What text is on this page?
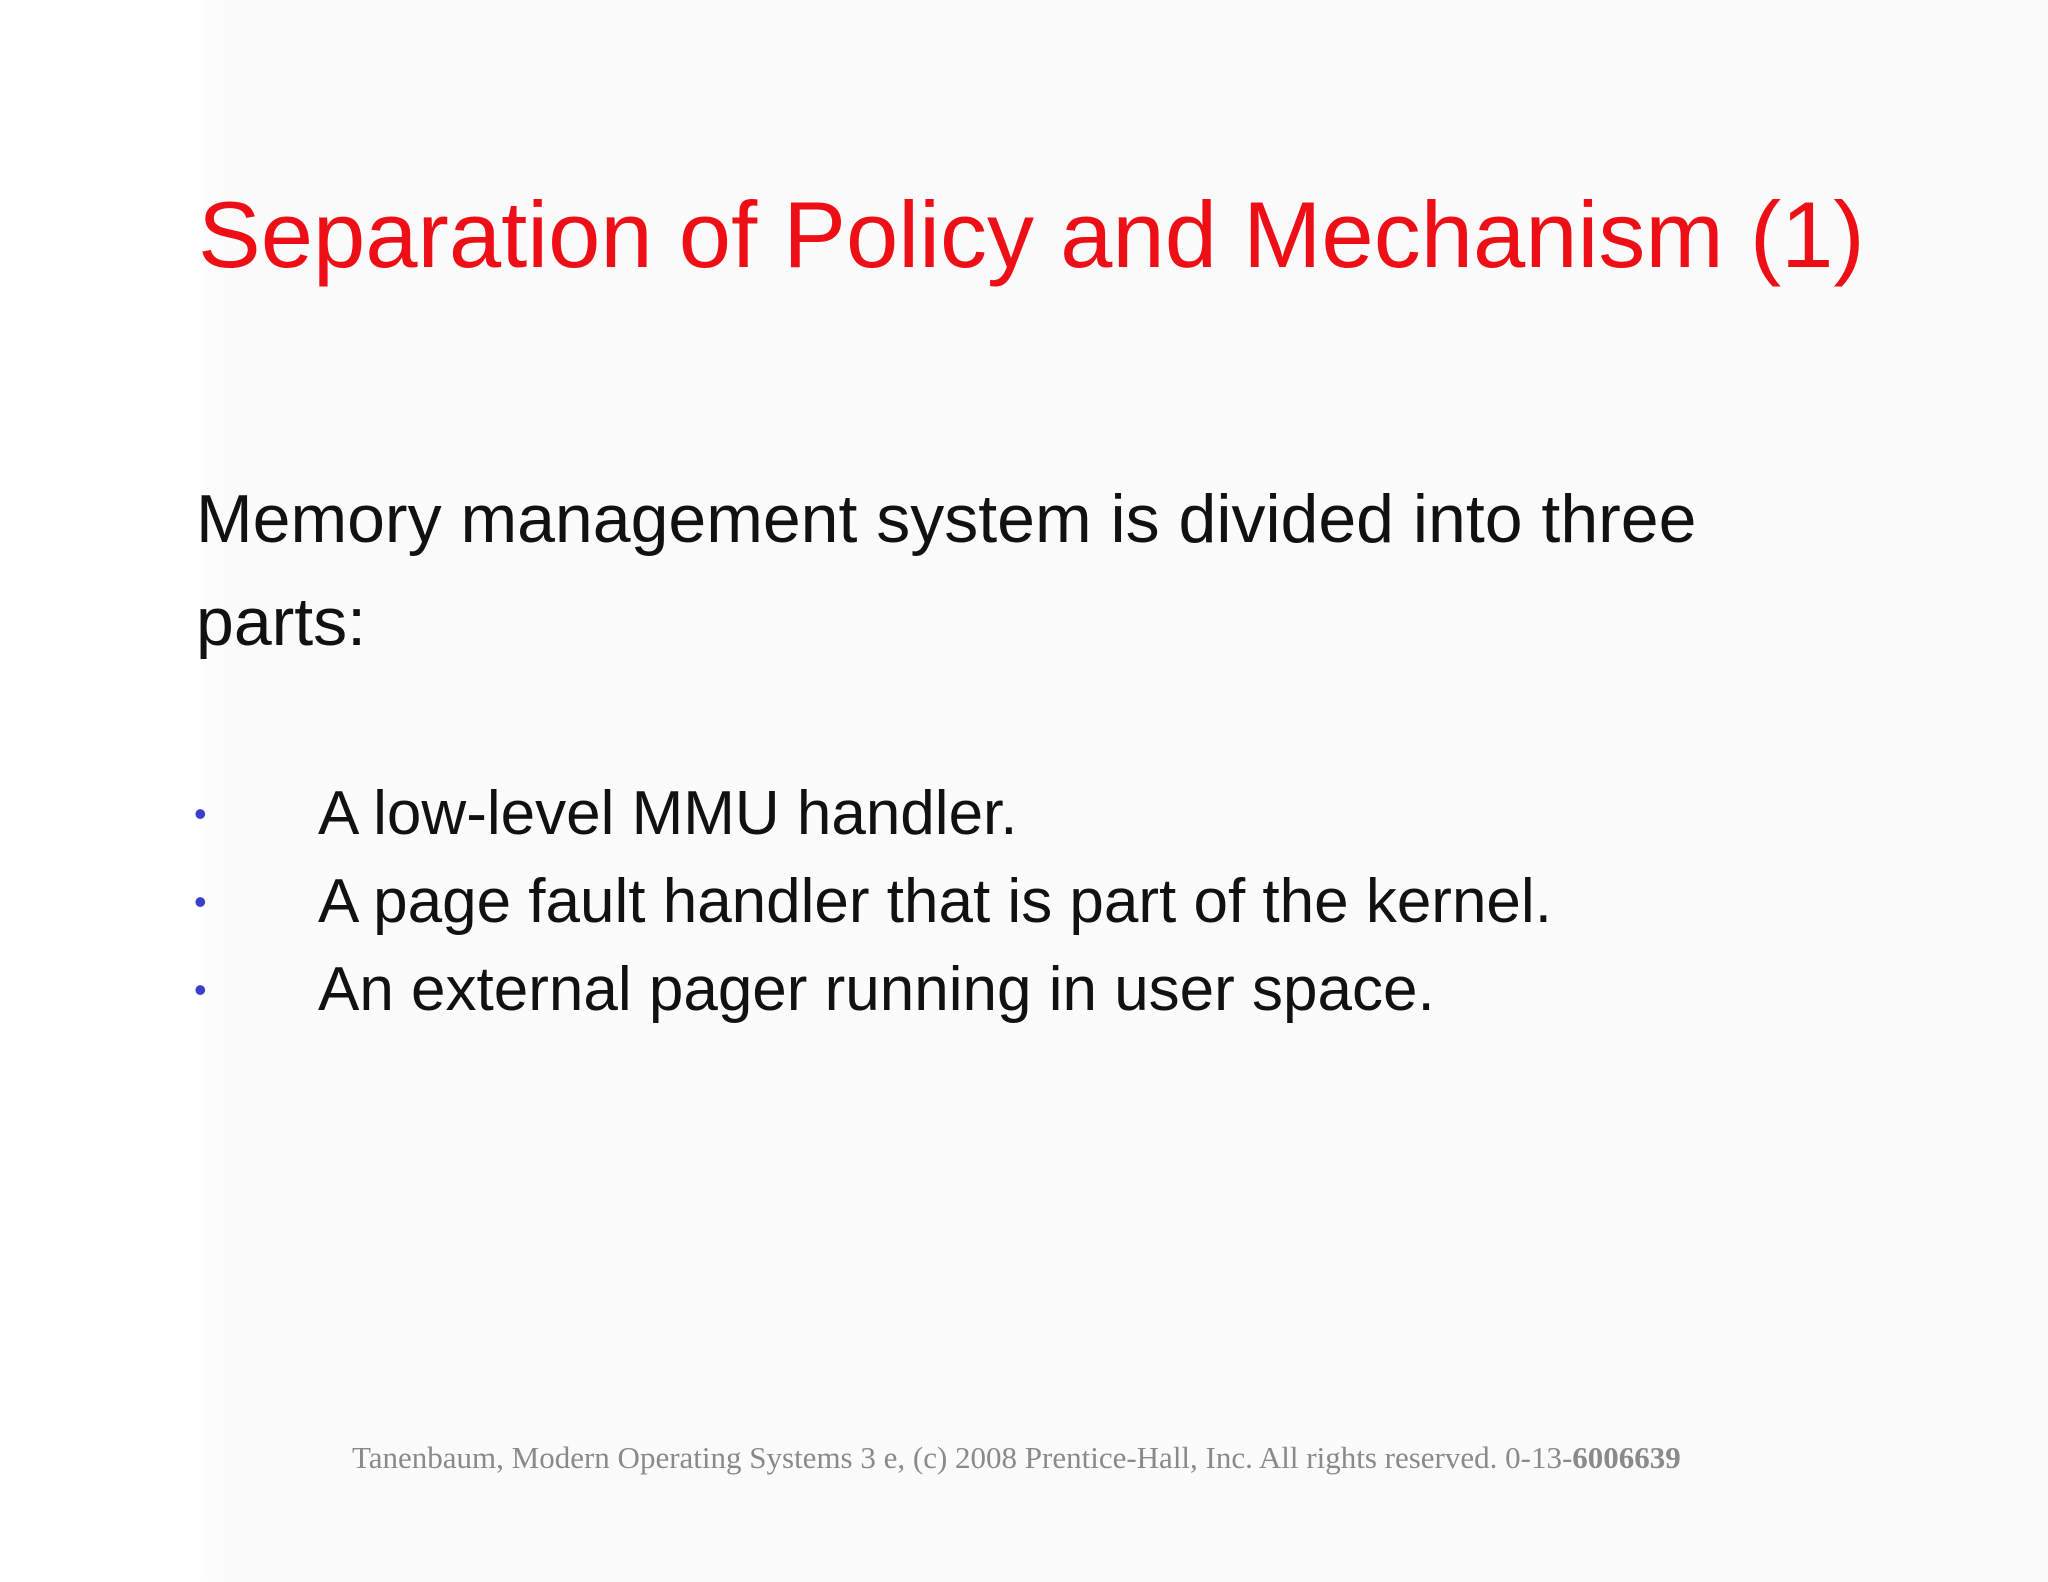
Separation of Policy and Mechanism (1)

Memory management system is divided into three parts:

• A low-level MMU handler.
• A page fault handler that is part of the kernel.
• An external pager running in user space.

Tanenbaum, Modern Operating Systems 3 e, (c) 2008 Prentice-Hall, Inc. All rights reserved. 0-13-6006639
